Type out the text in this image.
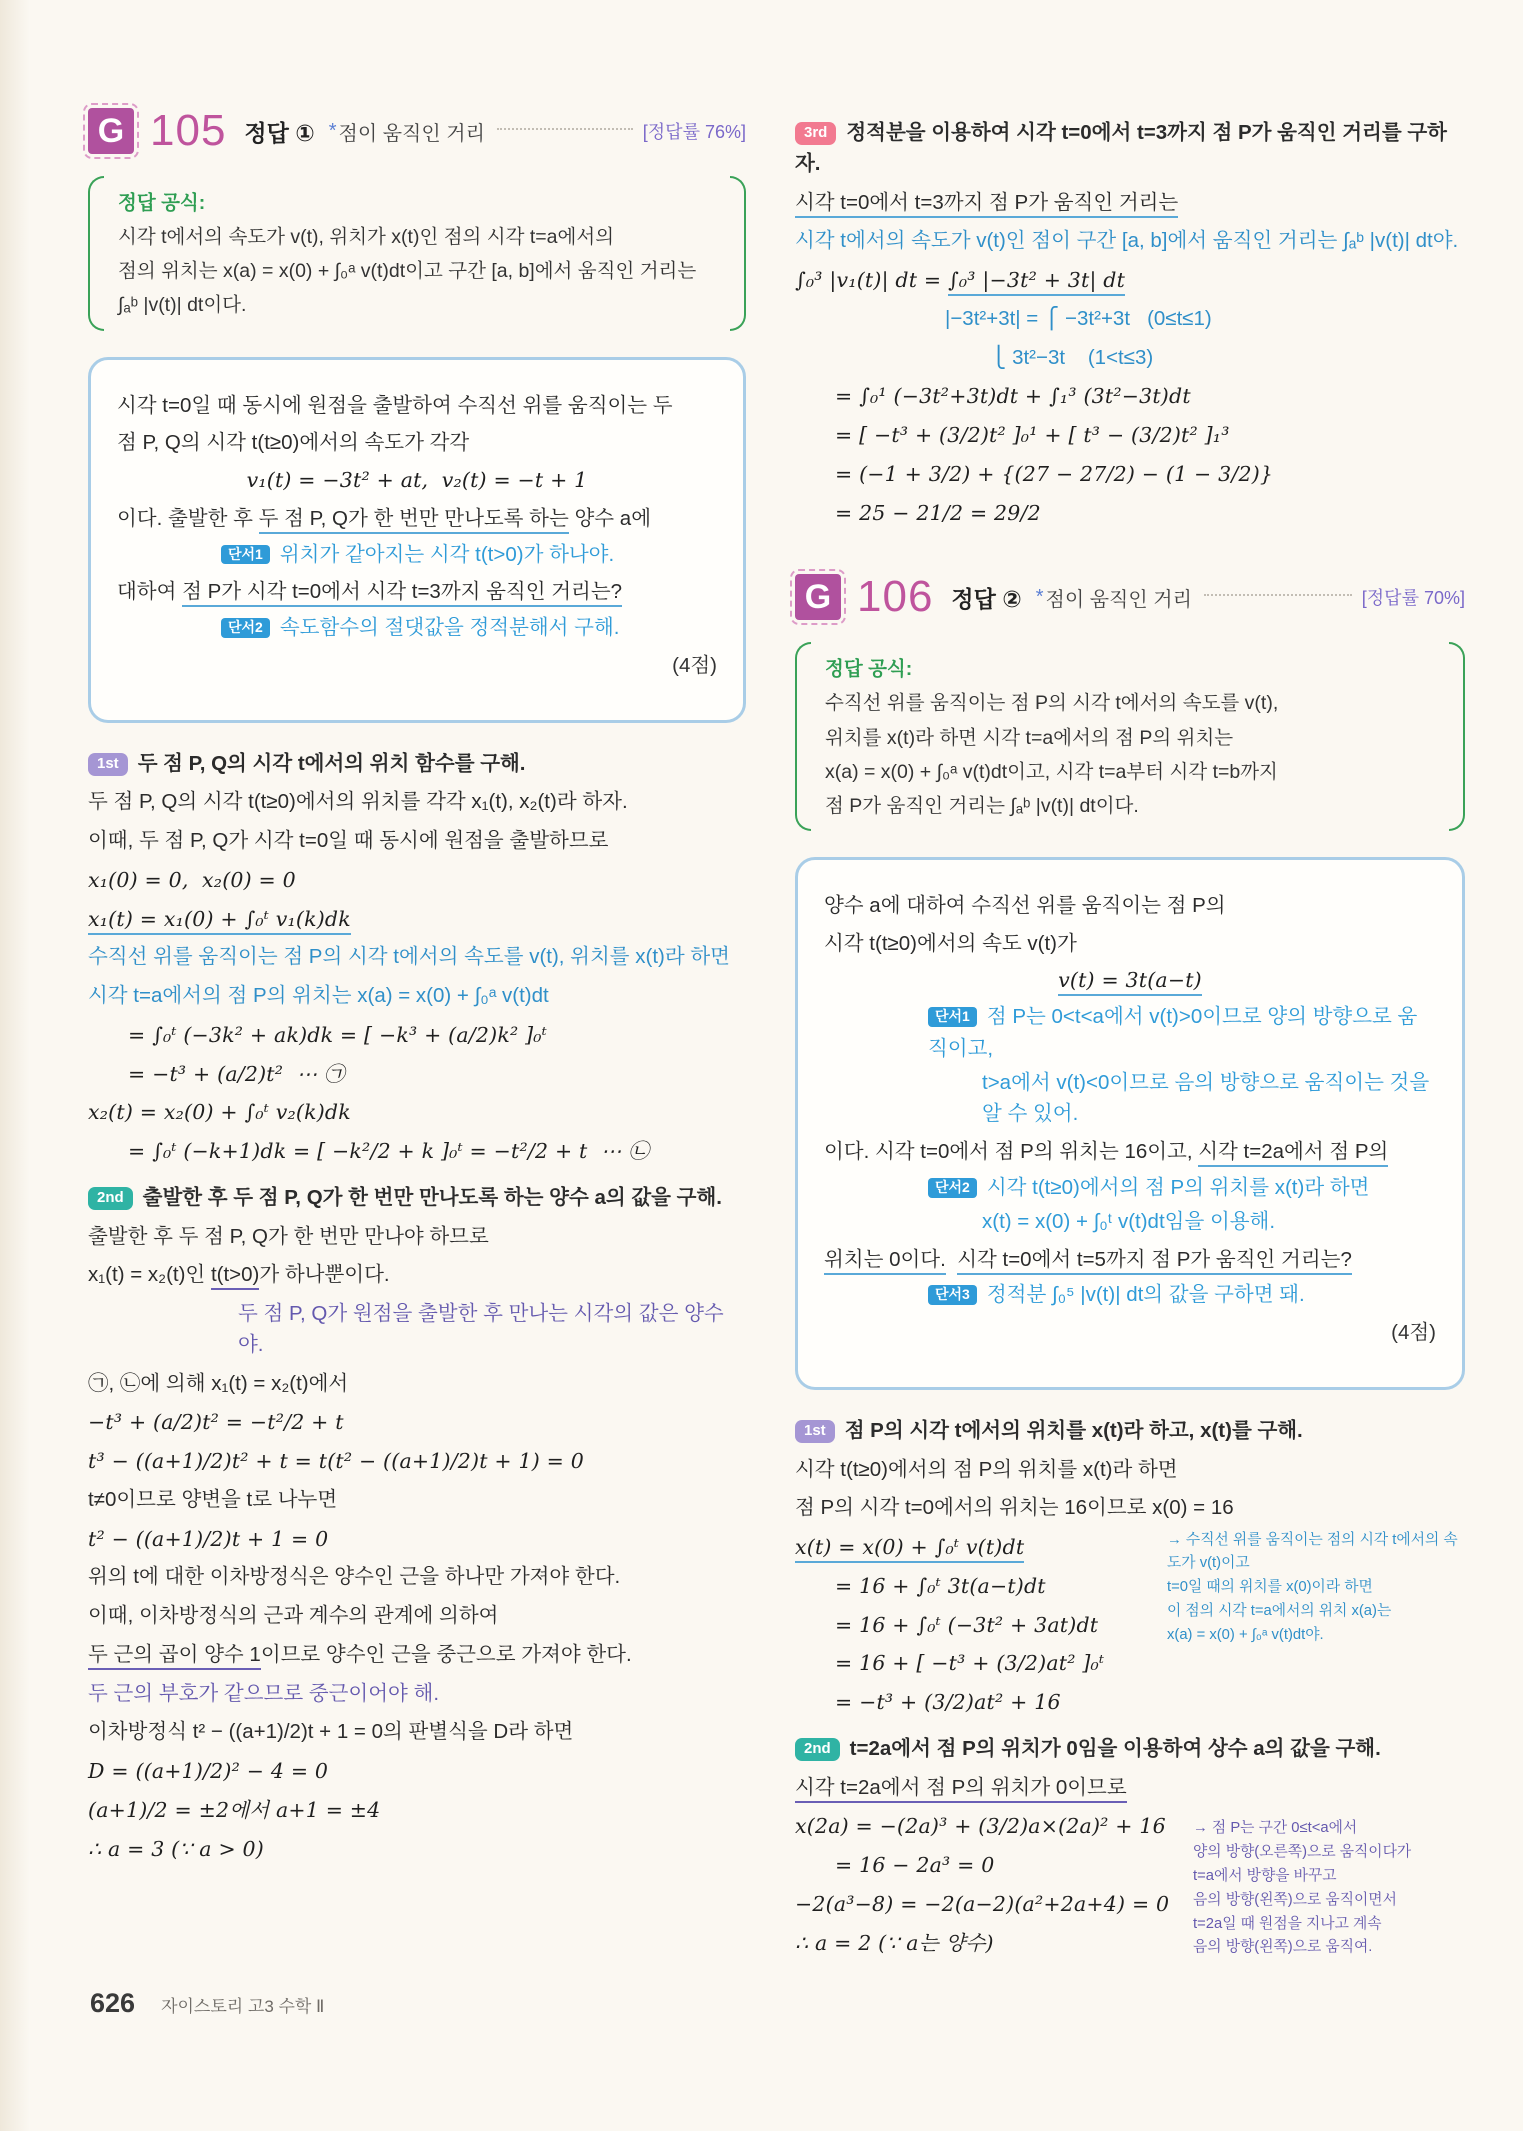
G 105 정답 ① * 점이 움직인 거리	[정답률 76%]
정답 공식:
시각 t에서의 속도가 v(t), 위치가 x(t)인 점의 시각 t=a에서의
점의 위치는 x(a) = x(0) + ∫₀ᵃ v(t)dt이고 구간 [a, b]에서 움직인 거리는
∫ₐᵇ |v(t)| dt이다.
시각 t=0일 때 동시에 원점을 출발하여 수직선 위를 움직이는 두
점 P, Q의 시각 t(t≥0)에서의 속도가 각각
v₁(t) = −3t² + at,  v₂(t) = −t + 1
이다. 출발한 후 두 점 P, Q가 한 번만 만나도록 하는 양수 a에
단서1 위치가 같아지는 시각 t(t>0)가 하나야.
대하여 점 P가 시각 t=0에서 시각 t=3까지 움직인 거리는?
단서2 속도함수의 절댓값을 정적분해서 구해.
(4점)
1st 두 점 P, Q의 시각 t에서의 위치 함수를 구해.
두 점 P, Q의 시각 t(t≥0)에서의 위치를 각각 x₁(t), x₂(t)라 하자.
이때, 두 점 P, Q가 시각 t=0일 때 동시에 원점을 출발하므로
x₁(0) = 0,  x₂(0) = 0
x₁(t) = x₁(0) + ∫₀ᵗ v₁(k)dk
수직선 위를 움직이는 점 P의 시각 t에서의 속도를 v(t), 위치를 x(t)라 하면
시각 t=a에서의 점 P의 위치는 x(a) = x(0) + ∫₀ᵃ v(t)dt
= ∫₀ᵗ (−3k² + ak)dk = [ −k³ + (a/2)k² ]₀ᵗ
= −t³ + (a/2)t²  ⋯ ㉠
x₂(t) = x₂(0) + ∫₀ᵗ v₂(k)dk
= ∫₀ᵗ (−k+1)dk = [ −k²/2 + k ]₀ᵗ = −t²/2 + t  ⋯ ㉡
2nd 출발한 후 두 점 P, Q가 한 번만 만나도록 하는 양수 a의 값을 구해.
출발한 후 두 점 P, Q가 한 번만 만나야 하므로
x₁(t) = x₂(t)인 t(t>0)가 하나뿐이다.
두 점 P, Q가 원점을 출발한 후 만나는 시각의 값은 양수야.
㉠, ㉡에 의해 x₁(t) = x₂(t)에서
−t³ + (a/2)t² = −t²/2 + t
t³ − ((a+1)/2)t² + t = t(t² − ((a+1)/2)t + 1) = 0
t≠0이므로 양변을 t로 나누면
t² − ((a+1)/2)t + 1 = 0
위의 t에 대한 이차방정식은 양수인 근을 하나만 가져야 한다.
이때, 이차방정식의 근과 계수의 관계에 의하여
두 근의 곱이 양수 1이므로 양수인 근을 중근으로 가져야 한다.
두 근의 부호가 같으므로 중근이어야 해.
이차방정식 t² − ((a+1)/2)t + 1 = 0의 판별식을 D라 하면
D = ((a+1)/2)² − 4 = 0
(a+1)/2 = ±2에서 a+1 = ±4
∴ a = 3 (∵ a > 0)
3rd 정적분을 이용하여 시각 t=0에서 t=3까지 점 P가 움직인 거리를 구하자.
시각 t=0에서 t=3까지 점 P가 움직인 거리는
시각 t에서의 속도가 v(t)인 점이 구간 [a, b]에서 움직인 거리는 ∫ₐᵇ |v(t)| dt야.
∫₀³ |v₁(t)| dt = ∫₀³ |−3t² + 3t| dt
|−3t²+3t| = ⎧ −3t²+3t   (0≤t≤1)
⎩ 3t²−3t    (1<t≤3)
= ∫₀¹ (−3t²+3t)dt + ∫₁³ (3t²−3t)dt
= [ −t³ + (3/2)t² ]₀¹ + [ t³ − (3/2)t² ]₁³
= (−1 + 3/2) + {(27 − 27/2) − (1 − 3/2)}
= 25 − 21/2 = 29/2
G 106 정답 ② * 점이 움직인 거리	[정답률 70%]
정답 공식:
수직선 위를 움직이는 점 P의 시각 t에서의 속도를 v(t),
위치를 x(t)라 하면 시각 t=a에서의 점 P의 위치는
x(a) = x(0) + ∫₀ᵃ v(t)dt이고, 시각 t=a부터 시각 t=b까지
점 P가 움직인 거리는 ∫ₐᵇ |v(t)| dt이다.
양수 a에 대하여 수직선 위를 움직이는 점 P의
시각 t(t≥0)에서의 속도 v(t)가
v(t) = 3t(a−t)
단서1 점 P는 0<t<a에서 v(t)>0이므로 양의 방향으로 움직이고,
t>a에서 v(t)<0이므로 음의 방향으로 움직이는 것을 알 수 있어.
이다. 시각 t=0에서 점 P의 위치는 16이고, 시각 t=2a에서 점 P의
단서2 시각 t(t≥0)에서의 점 P의 위치를 x(t)라 하면
x(t) = x(0) + ∫₀ᵗ v(t)dt임을 이용해.
위치는 0이다. 시각 t=0에서 t=5까지 점 P가 움직인 거리는?
단서3 정적분 ∫₀⁵ |v(t)| dt의 값을 구하면 돼.
(4점)
1st 점 P의 시각 t에서의 위치를 x(t)라 하고, x(t)를 구해.
시각 t(t≥0)에서의 점 P의 위치를 x(t)라 하면
점 P의 시각 t=0에서의 위치는 16이므로 x(0) = 16
x(t) = x(0) + ∫₀ᵗ v(t)dt
= 16 + ∫₀ᵗ 3t(a−t)dt
= 16 + ∫₀ᵗ (−3t² + 3at)dt
= 16 + [ −t³ + (3/2)at² ]₀ᵗ
= −t³ + (3/2)at² + 16
2nd t=2a에서 점 P의 위치가 0임을 이용하여 상수 a의 값을 구해.
시각 t=2a에서 점 P의 위치가 0이므로
x(2a) = −(2a)³ + (3/2)a×(2a)² + 16
= 16 − 2a³ = 0
−2(a³−8) = −2(a−2)(a²+2a+4) = 0
∴ a = 2 (∵ a는 양수)
→ 수직선 위를 움직이는 점의 시각 t에서의 속도가 v(t)이고
t=0일 때의 위치를 x(0)이라 하면
이 점의 시각 t=a에서의 위치 x(a)는
x(a) = x(0) + ∫₀ᵃ v(t)dt야.
→ 점 P는 구간 0≤t<a에서
양의 방향(오른쪽)으로 움직이다가
t=a에서 방향을 바꾸고
음의 방향(왼쪽)으로 움직이면서
t=2a일 때 원점을 지나고 계속
음의 방향(왼쪽)으로 움직여.
626 자이스토리 고3 수학 Ⅱ
